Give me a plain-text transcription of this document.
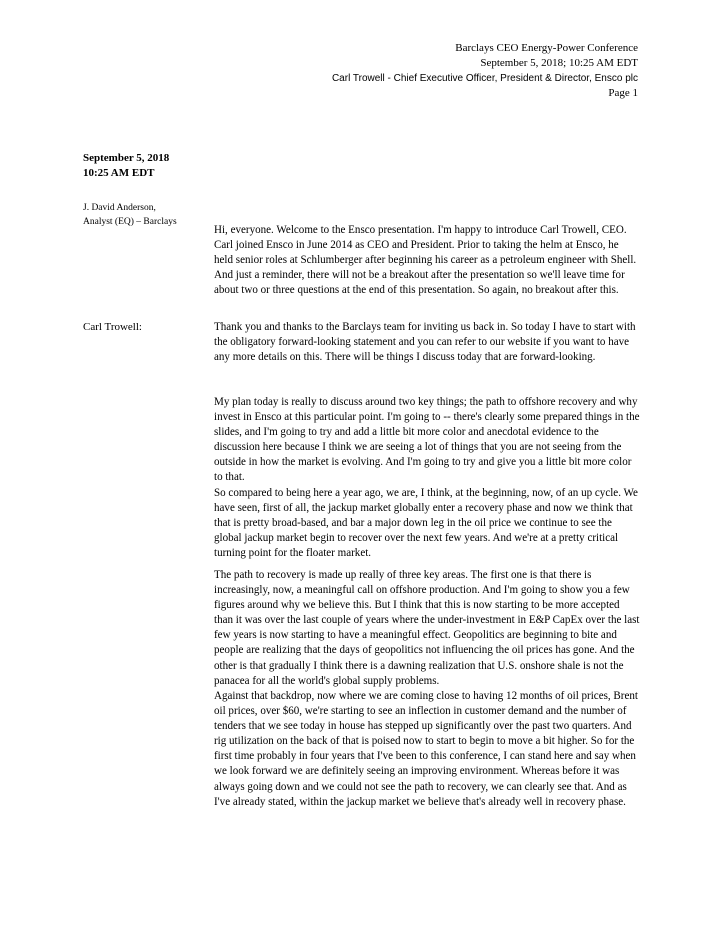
Barclays CEO Energy-Power Conference
September 5, 2018; 10:25 AM EDT
Carl Trowell - Chief Executive Officer, President & Director, Ensco plc
Page 1
September 5, 2018
10:25 AM EDT
J. David Anderson,
Analyst (EQ) – Barclays
Hi, everyone. Welcome to the Ensco presentation. I'm happy to introduce Carl Trowell, CEO. Carl joined Ensco in June 2014 as CEO and President. Prior to taking the helm at Ensco, he held senior roles at Schlumberger after beginning his career as a petroleum engineer with Shell. And just a reminder, there will not be a breakout after the presentation so we'll leave time for about two or three questions at the end of this presentation. So again, no breakout after this.
Carl Trowell:	Thank you and thanks to the Barclays team for inviting us back in. So today I have to start with the obligatory forward-looking statement and you can refer to our website if you want to have any more details on this. There will be things I discuss today that are forward-looking.
My plan today is really to discuss around two key things; the path to offshore recovery and why invest in Ensco at this particular point. I'm going to -- there's clearly some prepared things in the slides, and I'm going to try and add a little bit more color and anecdotal evidence to the discussion here because I think we are seeing a lot of things that you are not seeing from the outside in how the market is evolving. And I'm going to try and give you a little bit more color to that.
So compared to being here a year ago, we are, I think, at the beginning, now, of an up cycle. We have seen, first of all, the jackup market globally enter a recovery phase and now we think that that is pretty broad-based, and bar a major down leg in the oil price we continue to see the global jackup market begin to recover over the next few years. And we're at a pretty critical turning point for the floater market.
The path to recovery is made up really of three key areas. The first one is that there is increasingly, now, a meaningful call on offshore production. And I'm going to show you a few figures around why we believe this. But I think that this is now starting to be more accepted than it was over the last couple of years where the under-investment in E&P CapEx over the last few years is now starting to have a meaningful effect. Geopolitics are beginning to bite and people are realizing that the days of geopolitics not influencing the oil prices has gone. And the other is that gradually I think there is a dawning realization that U.S. onshore shale is not the panacea for all the world's global supply problems.
Against that backdrop, now where we are coming close to having 12 months of oil prices, Brent oil prices, over $60, we're starting to see an inflection in customer demand and the number of tenders that we see today in house has stepped up significantly over the past two quarters. And rig utilization on the back of that is poised now to start to begin to move a bit higher. So for the first time probably in four years that I've been to this conference, I can stand here and say when we look forward we are definitely seeing an improving environment. Whereas before it was always going down and we could not see the path to recovery, we can clearly see that. And as I've already stated, within the jackup market we believe that's already well in recovery phase.
